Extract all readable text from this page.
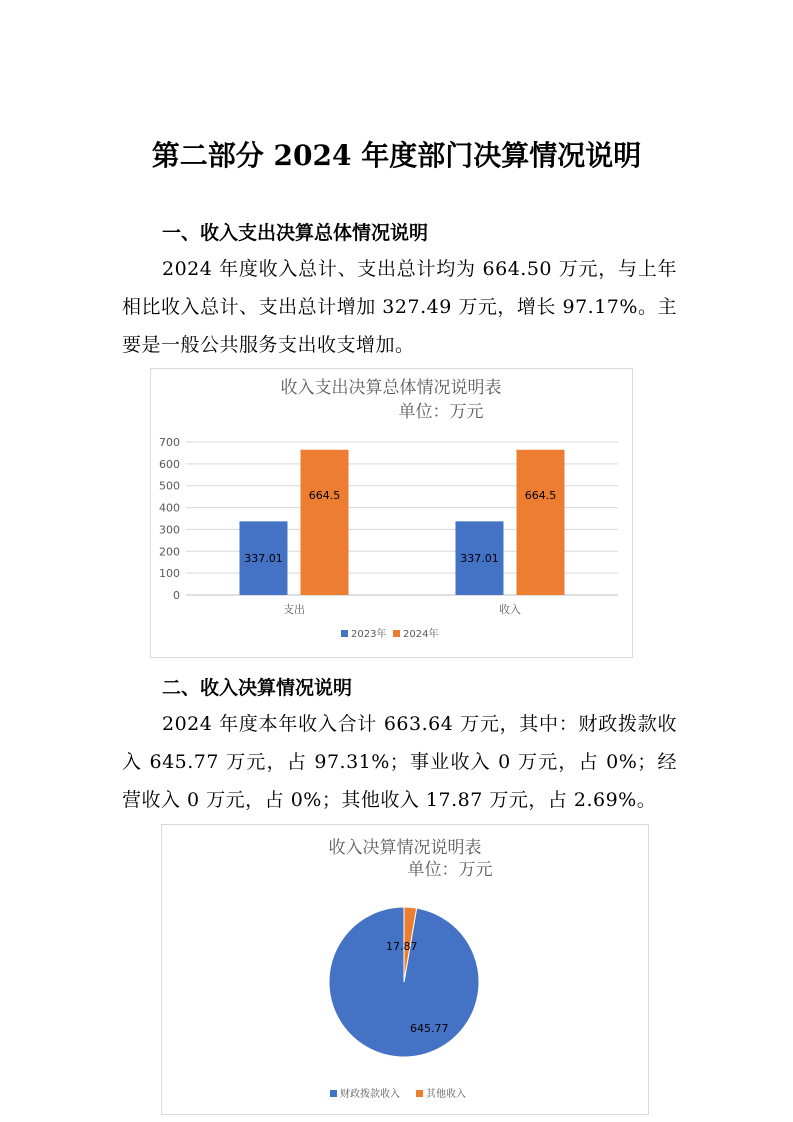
第二部分 2024 年度部门决算情况说明
一、收入支出决算总体情况说明
2024 年度收入总计、支出总计均为 664.50 万元，与上年相比收入总计、支出总计增加 327.49 万元，增长 97.17%。主要是一般公共服务支出收支增加。
收入支出决算总体情况说明表
单位：万元
0
100
200
300
400
500
600
700
337.01
664.5
支出
337.01
664.5
收入
2023年 2024年
二、收入决算情况说明
2024 年度本年收入合计 663.64 万元，其中：财政拨款收入 645.77 万元，占 97.31%；事业收入 0 万元，占 0%；经营收入 0 万元，占 0%；其他收入 17.87 万元，占 2.69%。
收入决算情况说明表
单位：万元
645.77
17.87
财政拨款收入	其他收入
